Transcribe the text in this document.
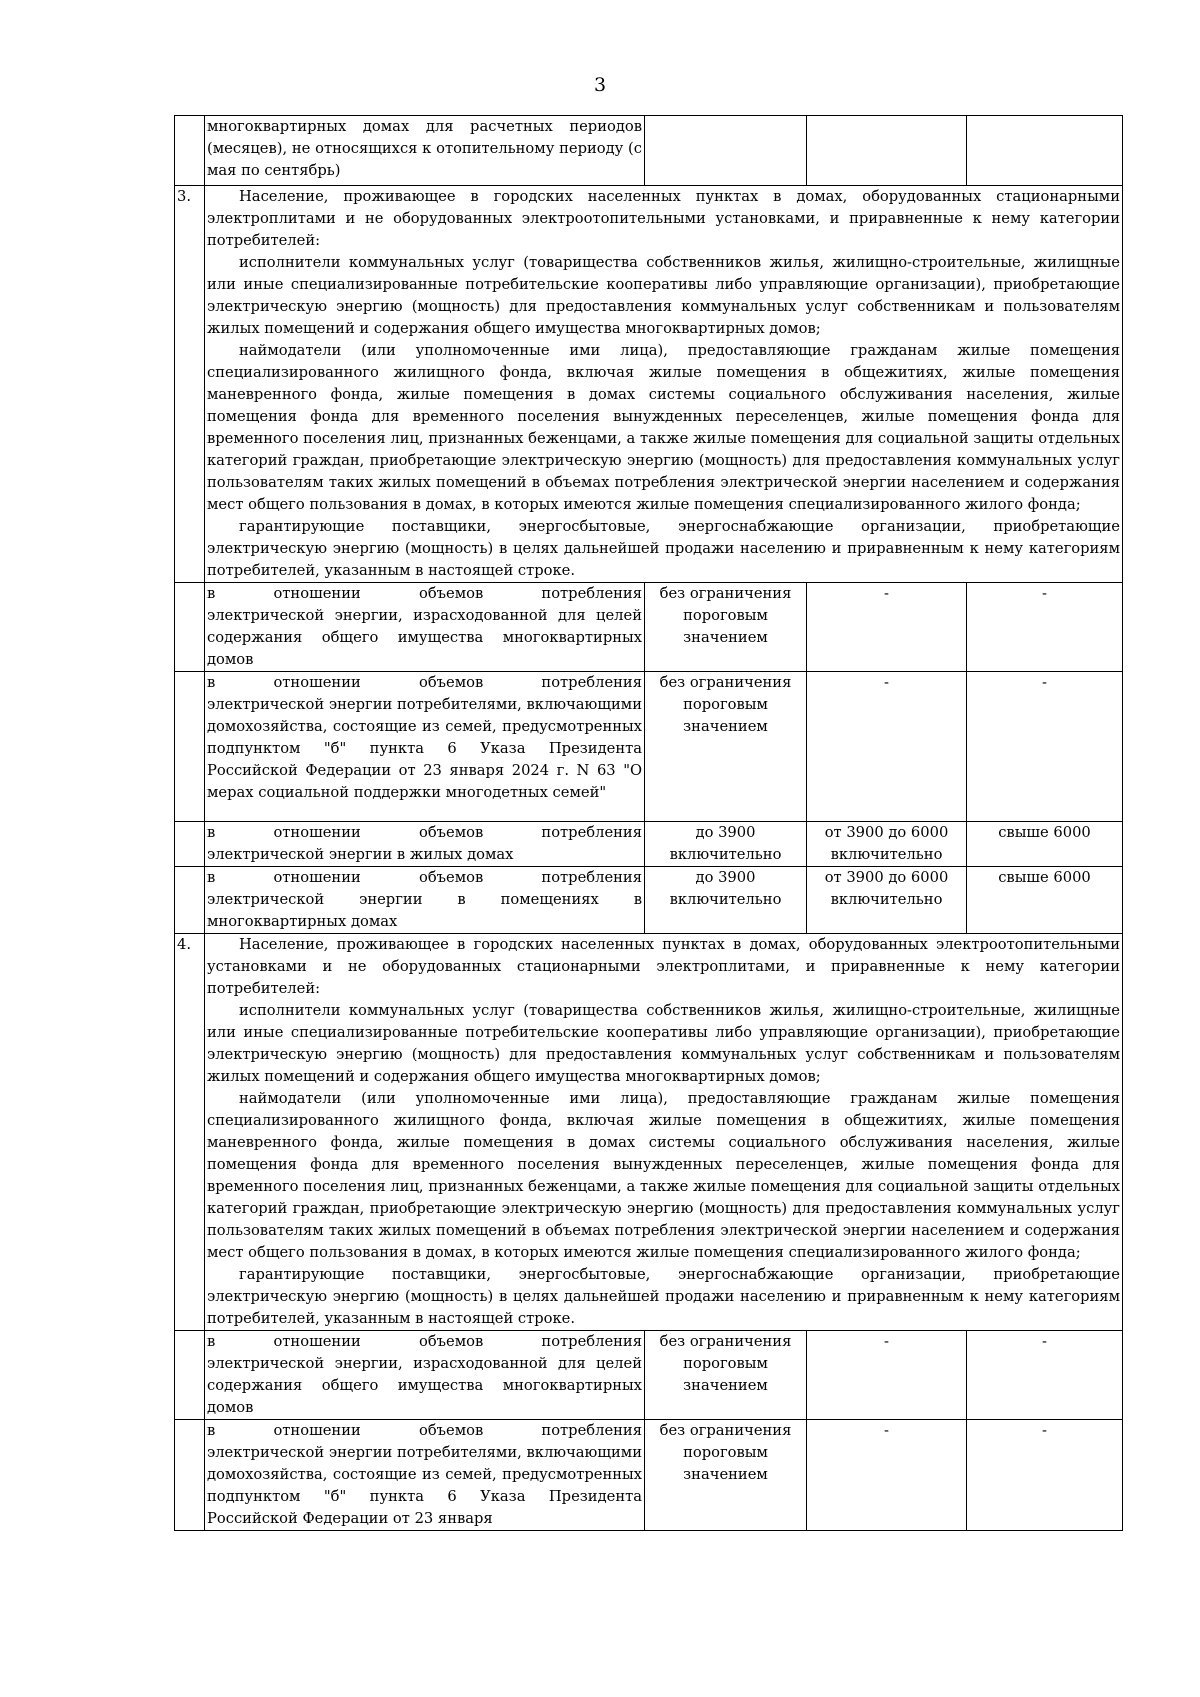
3
	многоквартирных домах для расчетных периодов (месяцев), не относящихся к отопительному периоду (с мая по сентябрь)			
3.	Население, проживающее в городских населенных пунктах в домах, оборудованных стационарными электроплитами и не оборудованных электроотопительными установками, и приравненные к нему категории потребителей:

исполнители коммунальных услуг (товарищества собственников жилья, жилищно-строительные, жилищные или иные специализированные потребительские кооперативы либо управляющие организации), приобретающие электрическую энергию (мощность) для предоставления коммунальных услуг собственникам и пользователям жилых помещений и содержания общего имущества многоквартирных домов;

наймодатели (или уполномоченные ими лица), предоставляющие гражданам жилые помещения специализированного жилищного фонда, включая жилые помещения в общежитиях, жилые помещения маневренного фонда, жилые помещения в домах системы социального обслуживания населения, жилые помещения фонда для временного поселения вынужденных переселенцев, жилые помещения фонда для временного поселения лиц, признанных беженцами, а также жилые помещения для социальной защиты отдельных категорий граждан, приобретающие электрическую энергию (мощность) для предоставления коммунальных услуг пользователям таких жилых помещений в объемах потребления электрической энергии населением и содержания мест общего пользования в домах, в которых имеются жилые помещения специализированного жилого фонда;

гарантирующие поставщики, энергосбытовые, энергоснабжающие организации, приобретающие электрическую энергию (мощность) в целях дальнейшей продажи населению и приравненным к нему категориям потребителей, указанным в настоящей строке.			

	в отношении объемов потребления
электрической энергии, израсходованной для целей содержания общего имущества многоквартирных домов	без ограничения пороговым значением	-	-

	в отношении объемов потребления
электрической энергии потребителями, включающими домохозяйства, состоящие из семей, предусмотренных подпунктом "б" пункта 6 Указа Президента Российской Федерации от 23 января 2024 г. N 63 "О мерах социальной поддержки многодетных семей"	без ограничения пороговым значением	-	-

	в отношении объемов потребления
электрической энергии в жилых домах	до 3900 включительно	от 3900 до 6000 включительно	свыше 6000

	в отношении объемов потребления
электрической энергии в помещениях в многоквартирных домах	до 3900 включительно	от 3900 до 6000 включительно	свыше 6000
4.	Население, проживающее в городских населенных пунктах в домах, оборудованных электроотопительными установками и не оборудованных стационарными электроплитами, и приравненные к нему категории потребителей:

исполнители коммунальных услуг (товарищества собственников жилья, жилищно-строительные, жилищные или иные специализированные потребительские кооперативы либо управляющие организации), приобретающие электрическую энергию (мощность) для предоставления коммунальных услуг собственникам и пользователям жилых помещений и содержания общего имущества многоквартирных домов;

наймодатели (или уполномоченные ими лица), предоставляющие гражданам жилые помещения специализированного жилищного фонда, включая жилые помещения в общежитиях, жилые помещения маневренного фонда, жилые помещения в домах системы социального обслуживания населения, жилые помещения фонда для временного поселения вынужденных переселенцев, жилые помещения фонда для временного поселения лиц, признанных беженцами, а также жилые помещения для социальной защиты отдельных категорий граждан, приобретающие электрическую энергию (мощность) для предоставления коммунальных услуг пользователям таких жилых помещений в объемах потребления электрической энергии населением и содержания мест общего пользования в домах, в которых имеются жилые помещения специализированного жилого фонда;

гарантирующие поставщики, энергосбытовые, энергоснабжающие организации, приобретающие электрическую энергию (мощность) в целях дальнейшей продажи населению и приравненным к нему категориям потребителей, указанным в настоящей строке.			

	в отношении объемов потребления
электрической энергии, израсходованной для целей содержания общего имущества многоквартирных домов	без ограничения пороговым значением	-	-

	в отношении объемов потребления
электрической энергии потребителями, включающими домохозяйства, состоящие из семей, предусмотренных подпунктом "б" пункта 6 Указа Президента Российской Федерации от 23 января	без ограничения пороговым значением	-	-
